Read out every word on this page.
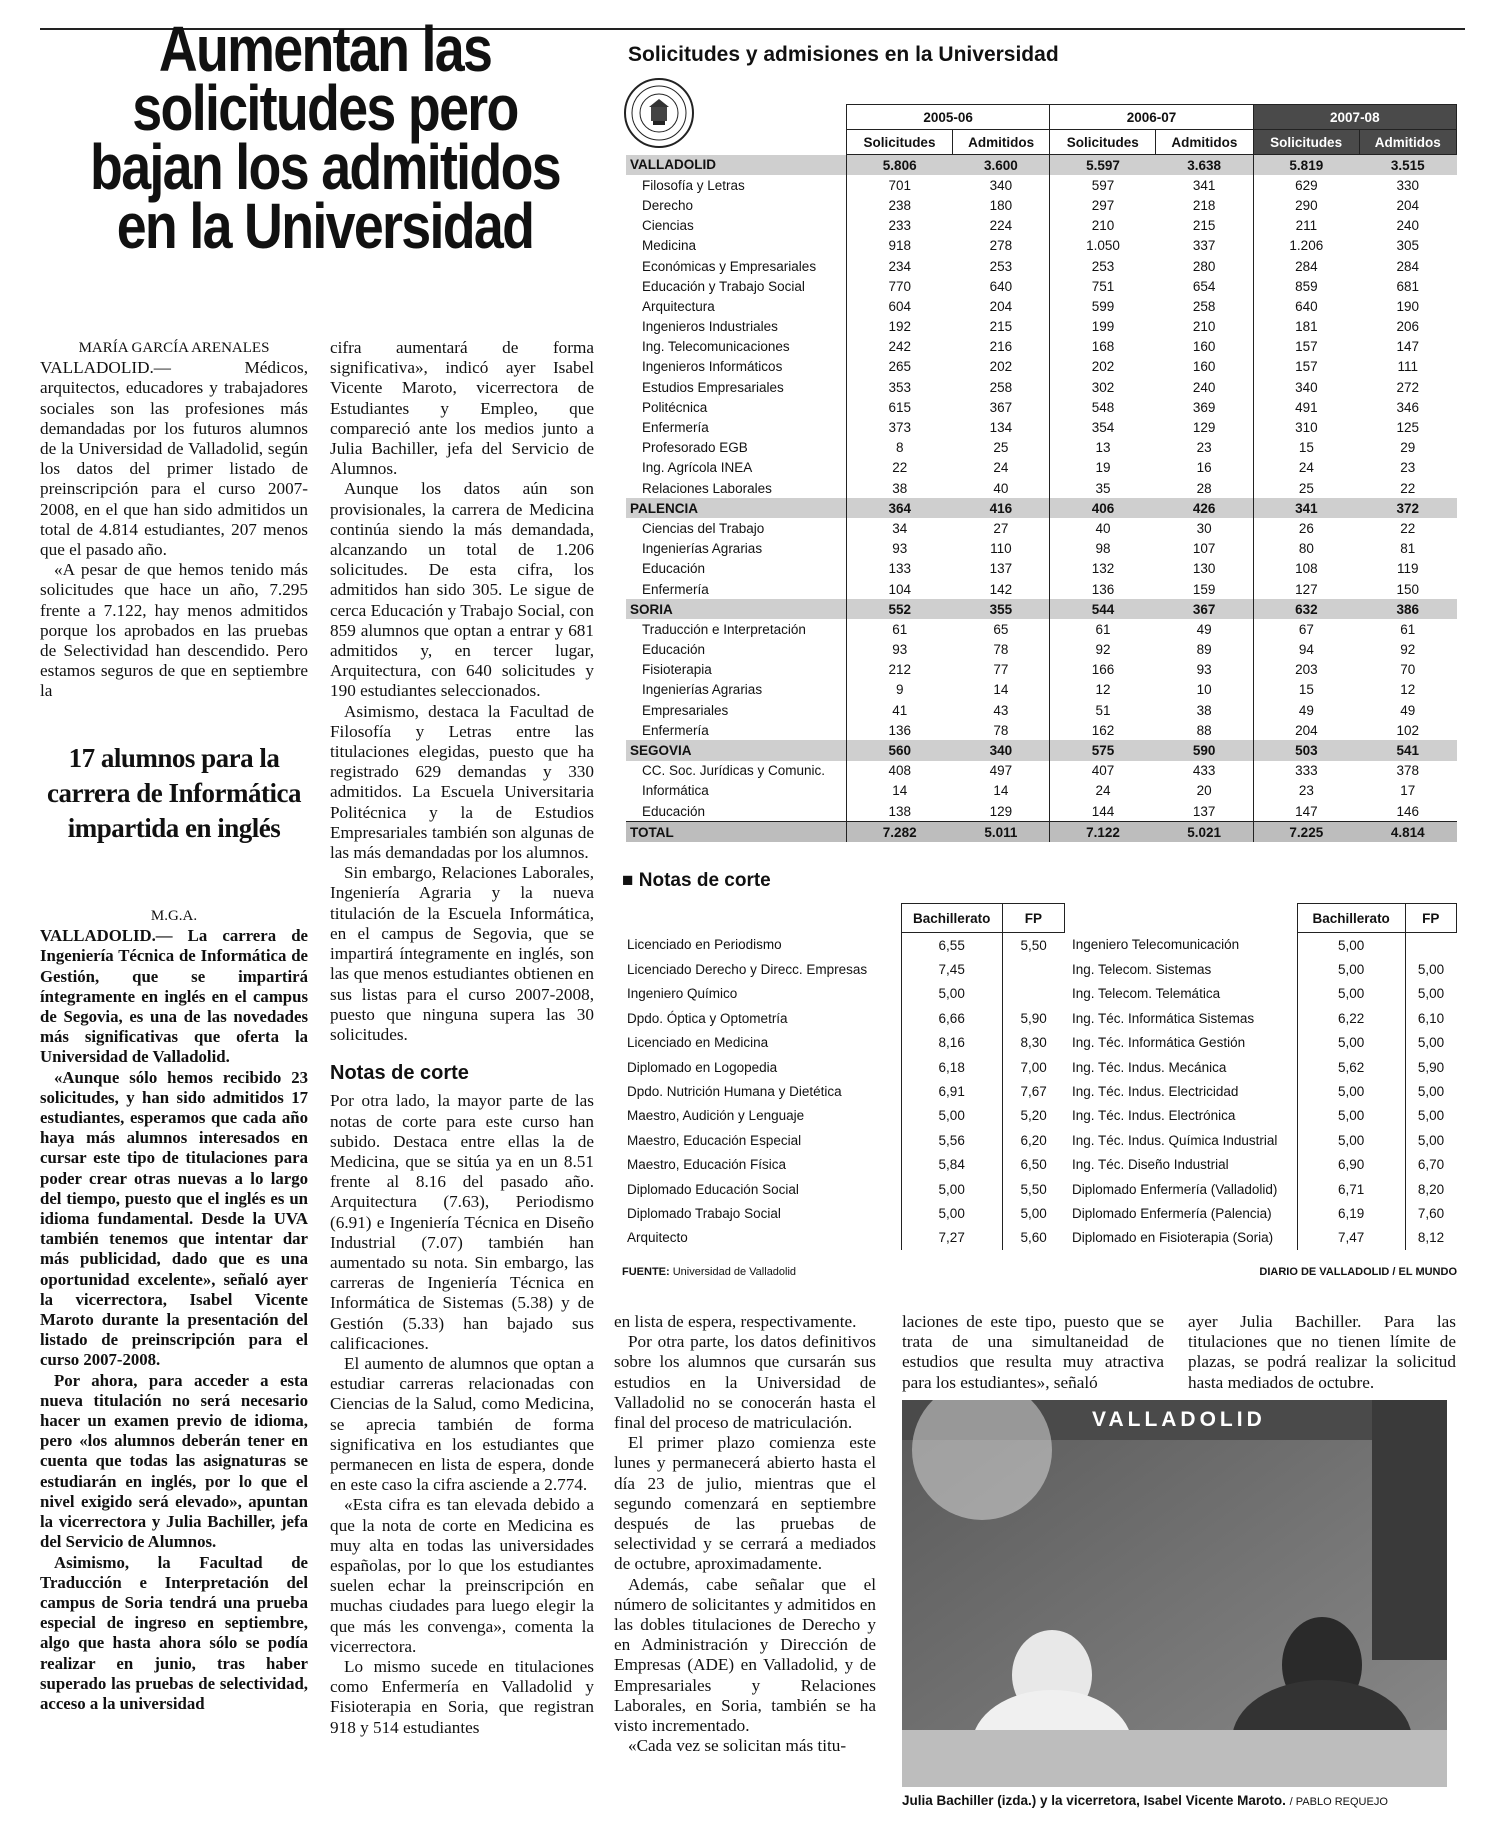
Aumentan las solicitudes pero bajan los admitidos en la Universidad

MARÍA GARCÍA ARENALES

VALLADOLID.— Médicos, arquitectos, educadores y trabajadores sociales son las profesiones más demandadas por los futuros alumnos de la Universidad de Valladolid, según los datos del primer listado de preinscripción para el curso 2007-2008, en el que han sido admitidos un total de 4.814 estudiantes, 207 menos que el pasado año.

«A pesar de que hemos tenido más solicitudes que hace un año, 7.295 frente a 7.122, hay menos admitidos porque los aprobados en las pruebas de Selectividad han descendido. Pero estamos seguros de que en septiembre la

17 alumnos para la carrera de Informática impartida en inglés

M.G.A.

VALLADOLID.— La carrera de Ingeniería Técnica de Informática de Gestión, que se impartirá íntegramente en inglés en el campus de Segovia, es una de las novedades más significativas que oferta la Universidad de Valladolid.

«Aunque sólo hemos recibido 23 solicitudes, y han sido admitidos 17 estudiantes, esperamos que cada año haya más alumnos interesados en cursar este tipo de titulaciones para poder crear otras nuevas a lo largo del tiempo, puesto que el inglés es un idioma fundamental. Desde la UVA también tenemos que intentar dar más publicidad, dado que es una oportunidad excelente», señaló ayer la vicerrectora, Isabel Vicente Maroto durante la presentación del listado de preinscripción para el curso 2007-2008.

Por ahora, para acceder a esta nueva titulación no será necesario hacer un examen previo de idioma, pero «los alumnos deberán tener en cuenta que todas las asignaturas se estudiarán en inglés, por lo que el nivel exigido será elevado», apuntan la vicerrectora y Julia Bachiller, jefa del Servicio de Alumnos.

Asimismo, la Facultad de Traducción e Interpretación del campus de Soria tendrá una prueba especial de ingreso en septiembre, algo que hasta ahora sólo se podía realizar en junio, tras haber superado las pruebas de selectividad, acceso a la universidad

cifra aumentará de forma significativa», indicó ayer Isabel Vicente Maroto, vicerrectora de Estudiantes y Empleo, que compareció ante los medios junto a Julia Bachiller, jefa del Servicio de Alumnos.

Aunque los datos aún son provisionales, la carrera de Medicina continúa siendo la más demandada, alcanzando un total de 1.206 solicitudes. De esta cifra, los admitidos han sido 305. Le sigue de cerca Educación y Trabajo Social, con 859 alumnos que optan a entrar y 681 admitidos y, en tercer lugar, Arquitectura, con 640 solicitudes y 190 estudiantes seleccionados.

Asimismo, destaca la Facultad de Filosofía y Letras entre las titulaciones elegidas, puesto que ha registrado 629 demandas y 330 admitidos. La Escuela Universitaria Politécnica y la de Estudios Empresariales también son algunas de las más demandadas por los alumnos.

Sin embargo, Relaciones Laborales, Ingeniería Agraria y la nueva titulación de la Escuela Informática, en el campus de Segovia, que se impartirá íntegramente en inglés, son las que menos estudiantes obtienen en sus listas para el curso 2007-2008, puesto que ninguna supera las 30 solicitudes.

Notas de corte

Por otra lado, la mayor parte de las notas de corte para este curso han subido. Destaca entre ellas la de Medicina, que se sitúa ya en un 8.51 frente al 8.16 del pasado año. Arquitectura (7.63), Periodismo (6.91) e Ingeniería Técnica en Diseño Industrial (7.07) también han aumentado su nota. Sin embargo, las carreras de Ingeniería Técnica en Informática de Sistemas (5.38) y de Gestión (5.33) han bajado sus calificaciones.

El aumento de alumnos que optan a estudiar carreras relacionadas con Ciencias de la Salud, como Medicina, se aprecia también de forma significativa en los estudiantes que permanecen en lista de espera, donde en este caso la cifra asciende a 2.774.

«Esta cifra es tan elevada debido a que la nota de corte en Medicina es muy alta en todas las universidades españolas, por lo que los estudiantes suelen echar la preinscripción en muchas ciudades para luego elegir la que más les convenga», comenta la vicerrectora.

Lo mismo sucede en titulaciones como Enfermería en Valladolid y Fisioterapia en Soria, que registran 918 y 514 estudiantes

Solicitudes y admisiones en la Universidad
	2005-06		2006-07		2007-08	
	Solicitudes	Admitidos	Solicitudes	Admitidos	Solicitudes	Admitidos
VALLADOLID	5.806	3.600	5.597	3.638	5.819	3.515
Filosofía y Letras	701	340	597	341	629	330
Derecho	238	180	297	218	290	204
Ciencias	233	224	210	215	211	240
Medicina	918	278	1.050	337	1.206	305
Económicas y Empresariales	234	253	253	280	284	284
Educación y Trabajo Social	770	640	751	654	859	681
Arquitectura	604	204	599	258	640	190
Ingenieros Industriales	192	215	199	210	181	206
Ing. Telecomunicaciones	242	216	168	160	157	147
Ingenieros Informáticos	265	202	202	160	157	111
Estudios Empresariales	353	258	302	240	340	272
Politécnica	615	367	548	369	491	346
Enfermería	373	134	354	129	310	125
Profesorado EGB	8	25	13	23	15	29
Ing. Agrícola INEA	22	24	19	16	24	23
Relaciones Laborales	38	40	35	28	25	22
PALENCIA	364	416	406	426	341	372
Ciencias del Trabajo	34	27	40	30	26	22
Ingenierías Agrarias	93	110	98	107	80	81
Educación	133	137	132	130	108	119
Enfermería	104	142	136	159	127	150
SORIA	552	355	544	367	632	386
Traducción e Interpretación	61	65	61	49	67	61
Educación	93	78	92	89	94	92
Fisioterapia	212	77	166	93	203	70
Ingenierías Agrarias	9	14	12	10	15	12
Empresariales	41	43	51	38	49	49
Enfermería	136	78	162	88	204	102
SEGOVIA	560	340	575	590	503	541
CC. Soc. Jurídicas y Comunic.	408	497	407	433	333	378
Informática	14	14	24	20	23	17
Educación	138	129	144	137	147	146
TOTAL	7.282	5.011	7.122	5.021	7.225	4.814
■ Notas de corte
	Bachillerato	FP
Licenciado en Periodismo	6,55	5,50
Licenciado Derecho y Direcc. Empresas	7,45	
Ingeniero Químico	5,00	
Dpdo. Óptica y Optometría	6,66	5,90
Licenciado en Medicina	8,16	8,30
Diplomado en Logopedia	6,18	7,00
Dpdo. Nutrición Humana y Dietética	6,91	7,67
Maestro, Audición y Lenguaje	5,00	5,20
Maestro, Educación Especial	5,56	6,20
Maestro, Educación Física	5,84	6,50
Diplomado Educación Social	5,00	5,50
Diplomado Trabajo Social	5,00	5,00
Arquitecto	7,27	5,60
	Bachillerato	FP
Ingeniero Telecomunicación	5,00	
Ing. Telecom. Sistemas	5,00	5,00
Ing. Telecom. Telemática	5,00	5,00
Ing. Téc. Informática Sistemas	6,22	6,10
Ing. Téc. Informática Gestión	5,00	5,00
Ing. Téc. Indus. Mecánica	5,62	5,90
Ing. Téc. Indus. Electricidad	5,00	5,00
Ing. Téc. Indus. Electrónica	5,00	5,00
Ing. Téc. Indus. Química Industrial	5,00	5,00
Ing. Téc. Diseño Industrial	6,90	6,70
Diplomado Enfermería (Valladolid)	6,71	8,20
Diplomado Enfermería (Palencia)	6,19	7,60
Diplomado en Fisioterapia (Soria)	7,47	8,12
FUENTE: Universidad de Valladolid	DIARIO DE VALLADOLID / EL MUNDO

en lista de espera, respectivamente.

Por otra parte, los datos definitivos sobre los alumnos que cursarán sus estudios en la Universidad de Valladolid no se conocerán hasta el final del proceso de matriculación.

El primer plazo comienza este lunes y permanecerá abierto hasta el día 23 de julio, mientras que el segundo comenzará en septiembre después de las pruebas de selectividad y se cerrará a mediados de octubre, aproximadamente.

Además, cabe señalar que el número de solicitantes y admitidos en las dobles titulaciones de Derecho y en Administración y Dirección de Empresas (ADE) en Valladolid, y de Empresariales y Relaciones Laborales, en Soria, también se ha visto incrementado.

«Cada vez se solicitan más titu-

laciones de este tipo, puesto que se trata de una simultaneidad de estudios que resulta muy atractiva para los estudiantes», señaló

ayer Julia Bachiller. Para las titulaciones que no tienen límite de plazas, se podrá realizar la solicitud hasta mediados de octubre.

VALLADOLID
Julia Bachiller (izda.) y la vicerretora, Isabel Vicente Maroto. / PABLO REQUEJO
